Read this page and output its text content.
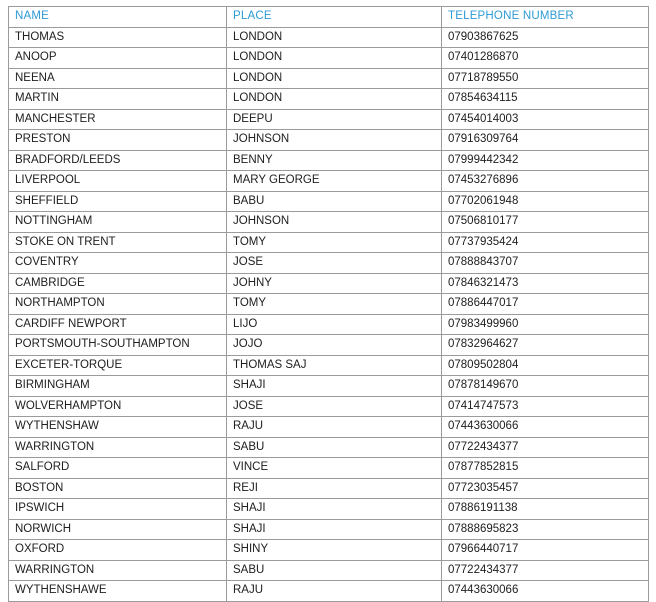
NAME	PLACE	TELEPHONE NUMBER
THOMAS	LONDON	07903867625
ANOOP	LONDON	07401286870
NEENA	LONDON	07718789550
MARTIN	LONDON	07854634115
MANCHESTER	DEEPU	07454014003
PRESTON	JOHNSON	07916309764
BRADFORD/LEEDS	BENNY	07999442342
LIVERPOOL	MARY GEORGE	07453276896
SHEFFIELD	BABU	07702061948
NOTTINGHAM	JOHNSON	07506810177
STOKE ON TRENT	TOMY	07737935424
COVENTRY	JOSE	07888843707
CAMBRIDGE	JOHNY	07846321473
NORTHAMPTON	TOMY	07886447017
CARDIFF NEWPORT	LIJO	07983499960
PORTSMOUTH-SOUTHAMPTON	JOJO	07832964627
EXCETER-TORQUE	THOMAS SAJ	07809502804
BIRMINGHAM	SHAJI	07878149670
WOLVERHAMPTON	JOSE	07414747573
WYTHENSHAW	RAJU	07443630066
WARRINGTON	SABU	07722434377
SALFORD	VINCE	07877852815
BOSTON	REJI	07723035457
IPSWICH	SHAJI	07886191138
NORWICH	SHAJI	07888695823
OXFORD	SHINY	07966440717
WARRINGTON	SABU	07722434377
WYTHENSHAWE	RAJU	07443630066
